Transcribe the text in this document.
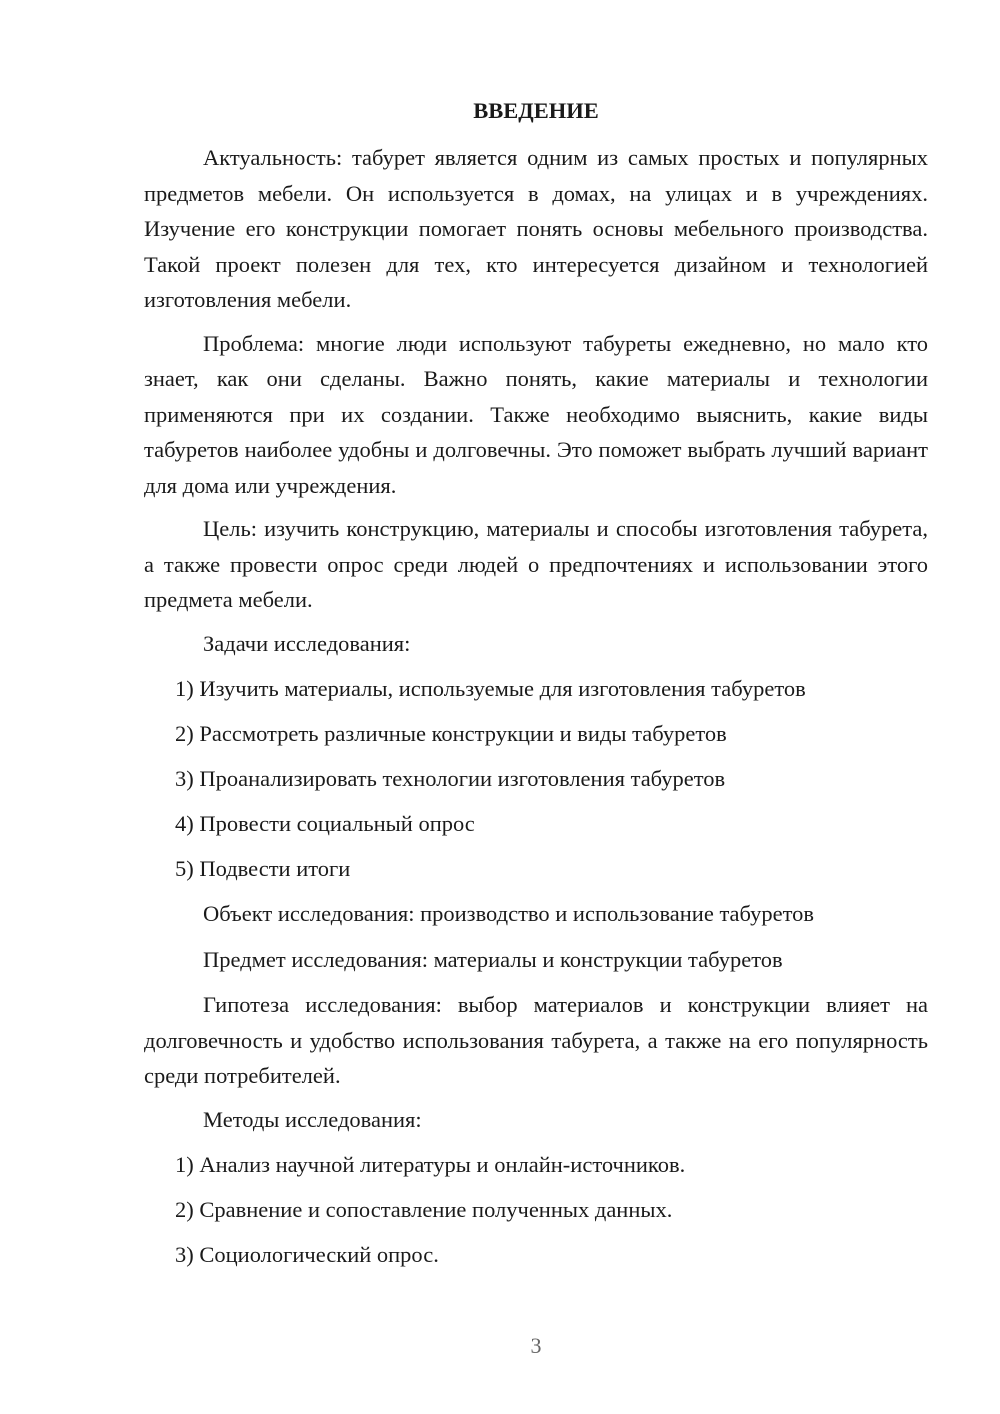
ВВЕДЕНИЕ
Актуальность: табурет является одним из самых простых и популярных предметов мебели. Он используется в домах, на улицах и в учреждениях. Изучение его конструкции помогает понять основы мебельного производства. Такой проект полезен для тех, кто интересуется дизайном и технологией изготовления мебели.
Проблема: многие люди используют табуреты ежедневно, но мало кто знает, как они сделаны. Важно понять, какие материалы и технологии применяются при их создании. Также необходимо выяснить, какие виды табуретов наиболее удобны и долговечны. Это поможет выбрать лучший вариант для дома или учреждения.
Цель: изучить конструкцию, материалы и способы изготовления табурета, а также провести опрос среди людей о предпочтениях и использовании этого предмета мебели.
Задачи исследования:
1) Изучить материалы, используемые для изготовления табуретов
2) Рассмотреть различные конструкции и виды табуретов
3) Проанализировать технологии изготовления табуретов
4) Провести социальный опрос
5) Подвести итоги
Объект исследования: производство и использование табуретов
Предмет исследования: материалы и конструкции табуретов
Гипотеза исследования: выбор материалов и конструкции влияет на долговечность и удобство использования табурета, а также на его популярность среди потребителей.
Методы исследования:
1) Анализ научной литературы и онлайн-источников.
2) Сравнение и сопоставление полученных данных.
3) Социологический опрос.
3
